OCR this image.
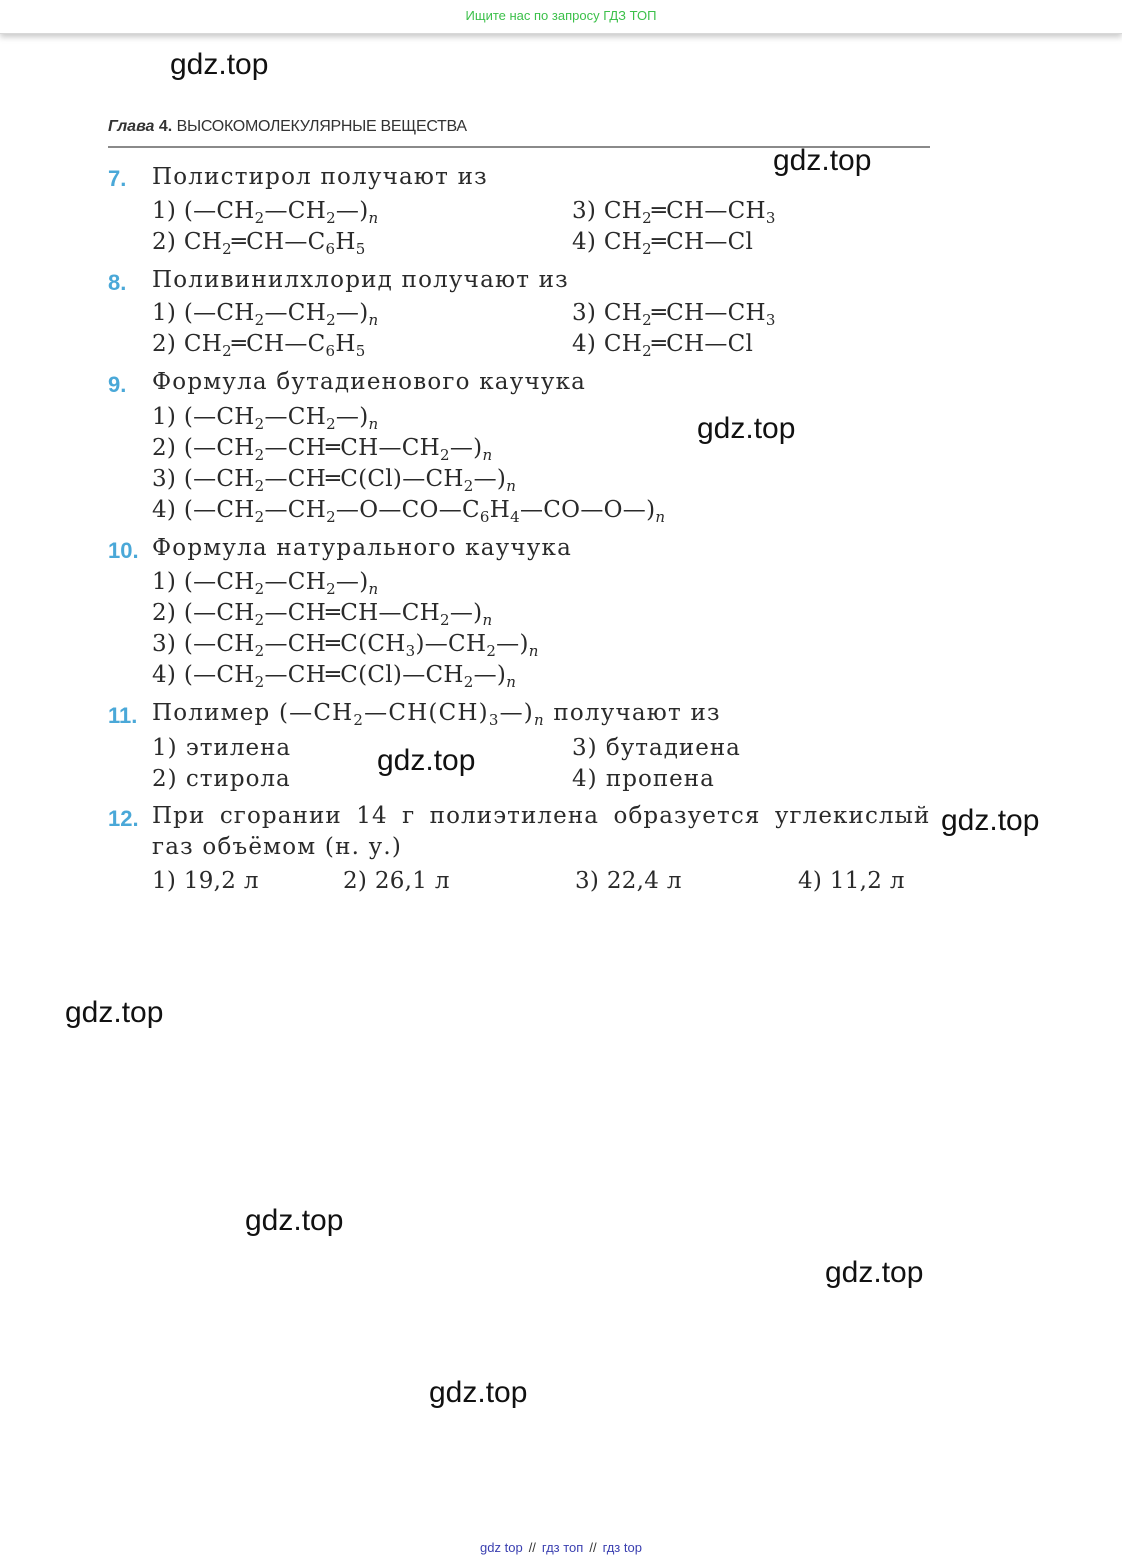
Ищите нас по запросу ГДЗ ТОП
Глава 4. ВЫСОКОМОЛЕКУЛЯРНЫЕ ВЕЩЕСТВА
7. Полистирол получают из
1) $(—CH_2—CH_2—)_n$	3) $CH_2═CH—CH_3$
2) $CH_2═CH—C_6H_5$	4) $CH_2═CH—Cl$
8. Поливинилхлорид получают из
1) $(—CH_2—CH_2—)_n$	3) $CH_2═CH—CH_3$
2) $CH_2═CH—C_6H_5$	4) $CH_2═CH—Cl$
9. Формула бутадиенового каучука
1) $(—CH_2—CH_2—)_n$
2) $(—CH_2—CH═CH—CH_2—)_n$
3) $(—CH_2—CH═C(Cl)—CH_2—)_n$
4) $(—CH_2—CH_2—O—CO—C_6H_4—CO—O—)_n$
10. Формула натурального каучука
1) $(—CH_2—CH_2—)_n$
2) $(—CH_2—CH═CH—CH_2—)_n$
3) $(—CH_2—CH═C(CH_3)—CH_2—)_n$
4) $(—CH_2—CH═C(Cl)—CH_2—)_n$
11. Полимер $(—CH_2—CH(CH)_3—)_n$ получают из
1) этилена	3) бутадиена
2) стирола	4) пропена
12. При сгорании 14 г полиэтилена образуется углекислый
газ объёмом (н. у.)
1) 19,2 л	2) 26,1 л	3) 22,4 л	4) 11,2 л
gdz.top
gdz.top
gdz.top
gdz.top
gdz.top
gdz.top
gdz.top
gdz.top
gdz.top
gdz top // гдз топ // гдз top
